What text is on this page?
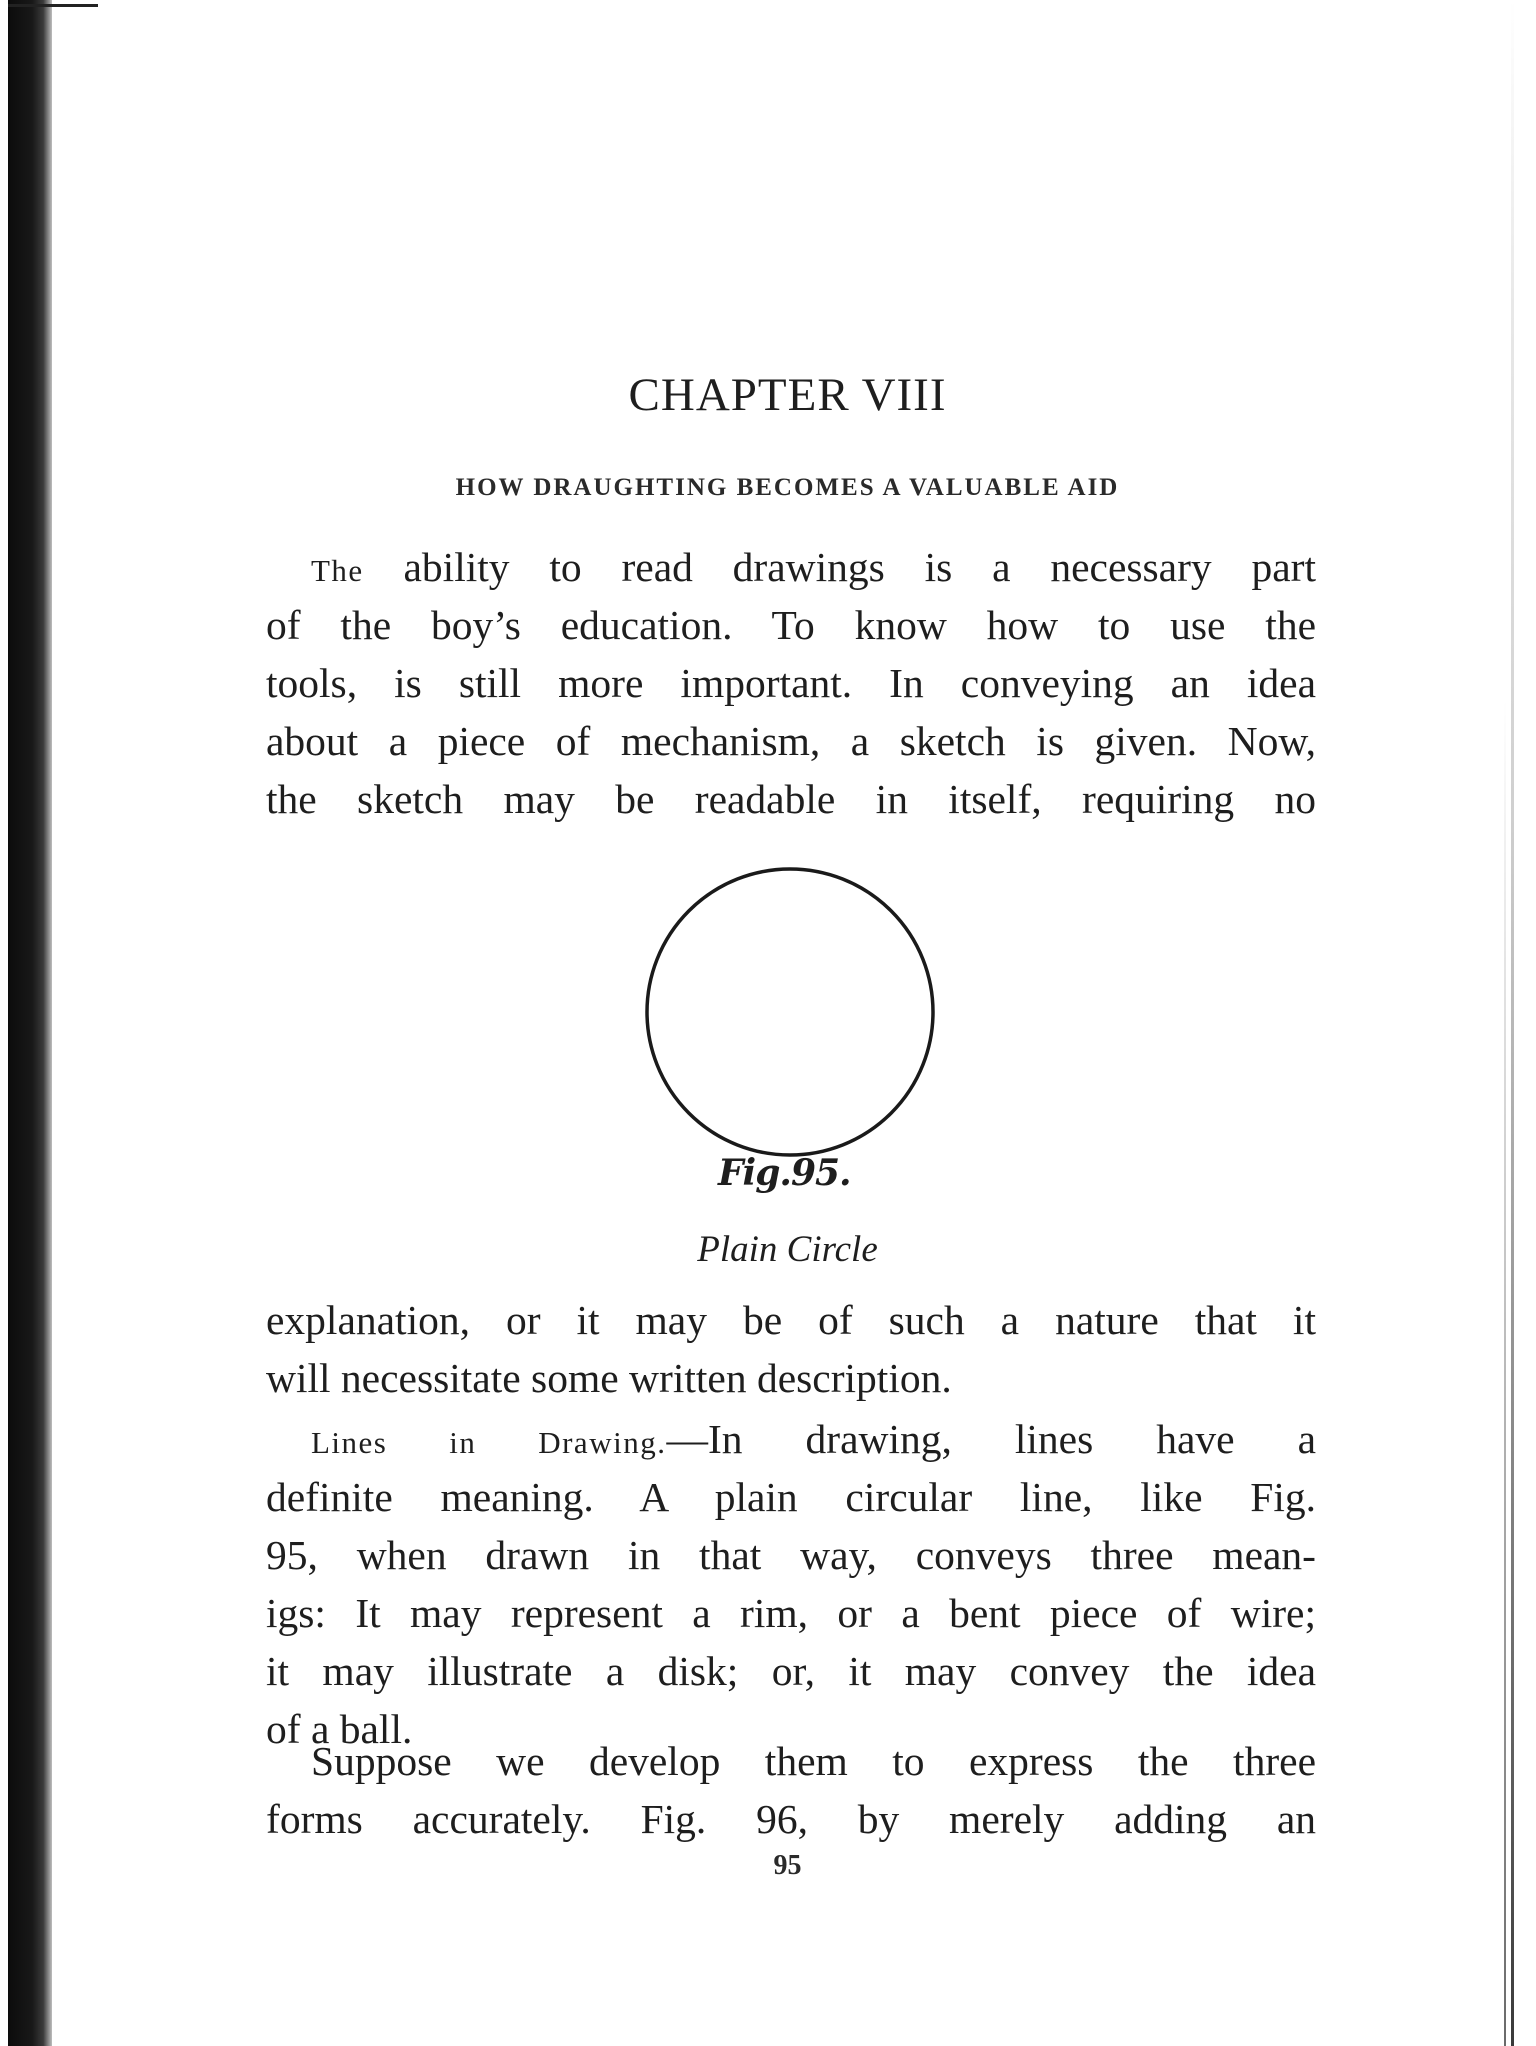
CHAPTER VIII
HOW DRAUGHTING BECOMES A VALUABLE AID
The ability to read drawings is a necessary part
of the boy’s education. To know how to use the
tools, is still more important. In conveying an idea
about a piece of mechanism, a sketch is given. Now,
the sketch may be readable in itself, requiring no
Fig.95.
Plain Circle
explanation, or it may be of such a nature that it
will necessitate some written description.
Lines in Drawing.—In drawing, lines have a
definite meaning. A plain circular line, like Fig.
95, when drawn in that way, conveys three mean-
igs: It may represent a rim, or a bent piece of wire;
it may illustrate a disk; or, it may convey the idea
of a ball.
Suppose we develop them to express the three
forms accurately. Fig. 96, by merely adding an
95
